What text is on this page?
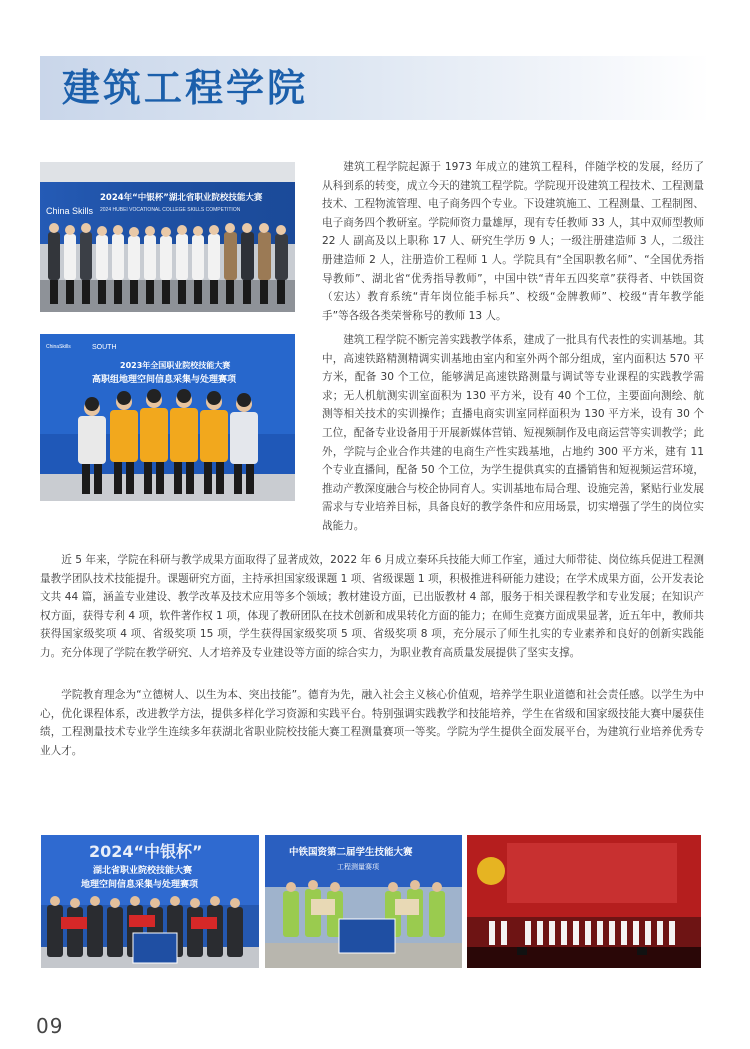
建筑工程学院
China Skills
2024年“中银杯”湖北省职业院校技能大赛
2024 HUBEI VOCATIONAL COLLEGE SKILLS COMPETITION
ChinaSkills	SOUTH
2023年全国职业院校技能大赛
高职组地理空间信息采集与处理赛项

建筑工程学院起源于 1973 年成立的建筑工程科，伴随学校的发展，经历了从科到系的转变，成立今天的建筑工程学院。学院现开设建筑工程技术、工程测量技术、工程物流管理、电子商务四个专业。下设建筑施工、工程测量、工程制图、电子商务四个教研室。学院师资力量雄厚，现有专任教师 33 人，其中双师型教师 22 人 副高及以上职称 17 人、研究生学历 9 人；一级注册建造师 3 人，二级注册建造师 2 人，注册造价工程师 1 人。学院具有“全国职教名师”、“全国优秀指导教师”、湖北省“优秀指导教师”，中国中铁“青年五四奖章”获得者、中铁国资（宏达）教育系统“青年岗位能手标兵”、校级“金牌教师”、校级“青年教学能手”等各级各类荣誉称号的教师 13 人。

建筑工程学院不断完善实践教学体系，建成了一批具有代表性的实训基地。其中，高速铁路精测精调实训基地由室内和室外两个部分组成，室内面积达 570 平方米，配备 30 个工位，能够满足高速铁路测量与调试等专业课程的实践教学需求；无人机航测实训室面积为 130 平方米，设有 40 个工位，主要面向测绘、航测等相关技术的实训操作；直播电商实训室同样面积为 130 平方米，设有 30 个工位，配备专业设备用于开展新媒体营销、短视频制作及电商运营等实训教学；此外，学院与企业合作共建的电商生产性实践基地，占地约 300 平方米，建有 11 个专业直播间，配备 50 个工位，为学生提供真实的直播销售和短视频运营环境，推动产教深度融合与校企协同育人。实训基地布局合理、设施完善，紧贴行业发展需求与专业培养目标，具备良好的教学条件和应用场景，切实增强了学生的岗位实战能力。

近 5 年来，学院在科研与教学成果方面取得了显著成效，2022 年 6 月成立秦环兵技能大师工作室，通过大师带徒、岗位练兵促进工程测量教学团队技术技能提升。课题研究方面，主持承担国家级课题 1 项、省级课题 1 项，积极推进科研能力建设；在学术成果方面，公开发表论文共 44 篇，涵盖专业建设、教学改革及技术应用等多个领域；教材建设方面，已出版教材 4 部，服务于相关课程教学和专业发展；在知识产权方面，获得专利 4 项，软件著作权 1 项，体现了教研团队在技术创新和成果转化方面的能力；在师生竞赛方面成果显著，近五年中，教师共获得国家级奖项 4 项、省级奖项 15 项，学生获得国家级奖项 5 项、省级奖项 8 项，充分展示了师生扎实的专业素养和良好的创新实践能力。充分体现了学院在教学研究、人才培养及专业建设等方面的综合实力，为职业教育高质量发展提供了坚实支撑。

学院教育理念为“立德树人、以生为本、突出技能”。德育为先，融入社会主义核心价值观，培养学生职业道德和社会责任感。以学生为中心，优化课程体系，改进教学方法，提供多样化学习资源和实践平台。特别强调实践教学和技能培养，学生在省级和国家级技能大赛中屡获佳绩，工程测量技术专业学生连续多年获湖北省职业院校技能大赛工程测量赛项一等奖。学院为学生提供全面发展平台，为建筑行业培养优秀专业人才。

2024“中银杯”
湖北省职业院校技能大赛
地理空间信息采集与处理赛项
中铁国资第二届学生技能大赛
工程测量赛项
09
